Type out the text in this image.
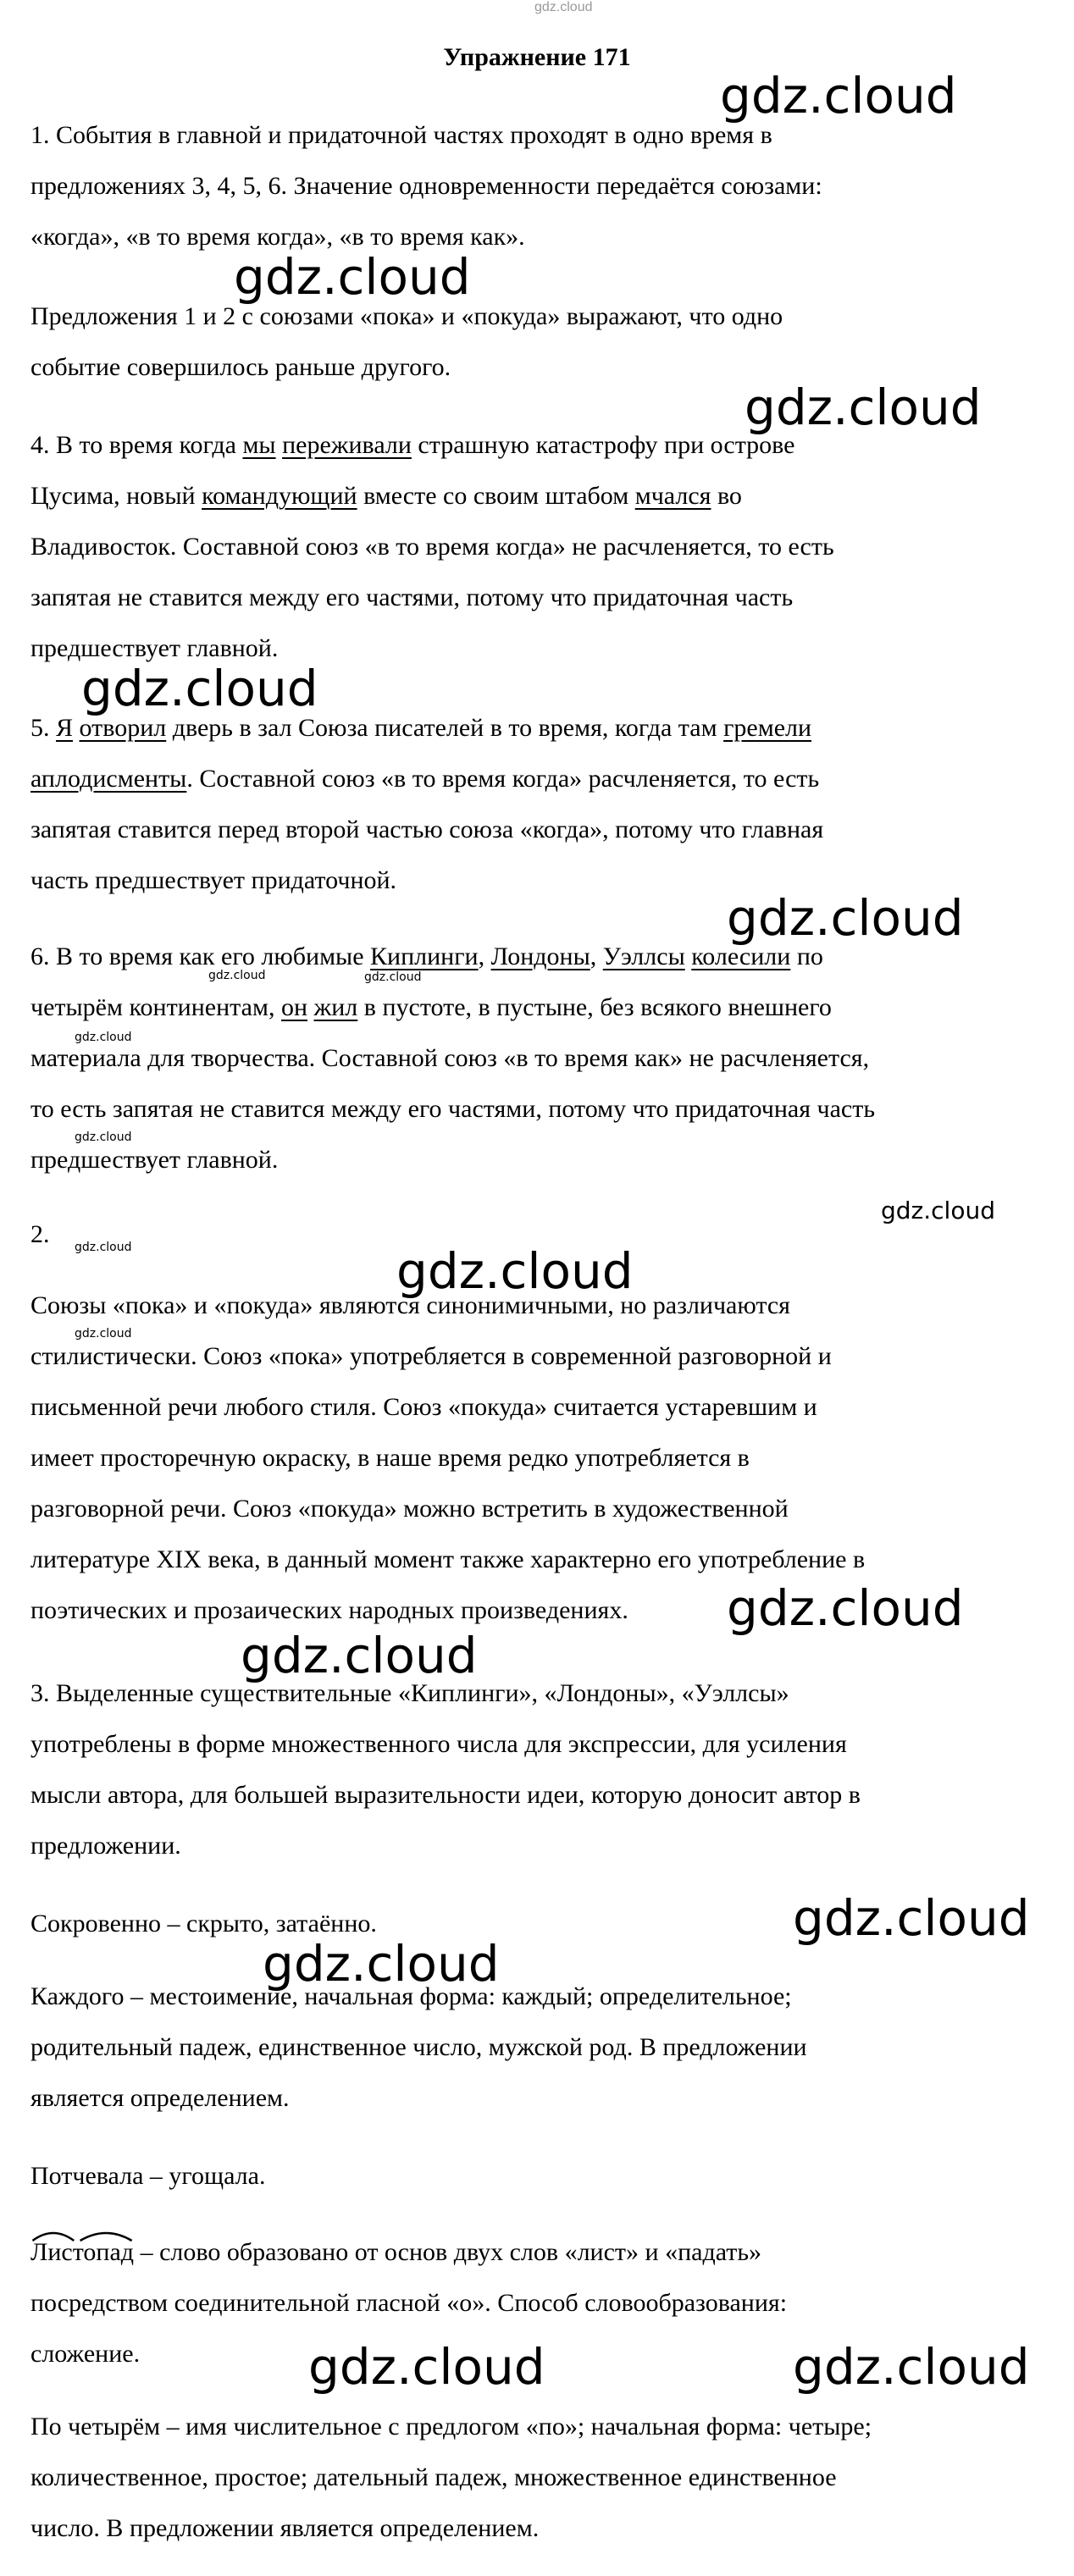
gdz.cloud
Упражнение 171

1. События в главной и придаточной частях проходят в одно время в
предложениях 3, 4, 5, 6. Значение одновременности передаётся союзами:
«когда», «в то время когда», «в то время как».

Предложения 1 и 2 с союзами «пока» и «покуда» выражают, что одно
событие совершилось раньше другого.

4. В то время когда мы переживали страшную катастрофу при острове
Цусима, новый командующий вместе со своим штабом мчался во
Владивосток. Составной союз «в то время когда» не расчленяется, то есть
запятая не ставится между его частями, потому что придаточная часть
предшествует главной.

5. Я отворил дверь в зал Союза писателей в то время, когда там гремели
аплодисменты. Составной союз «в то время когда» расчленяется, то есть
запятая ставится перед второй частью союза «когда», потому что главная
часть предшествует придаточной.

6. В то время как его любимые Киплинги, Лондоны, Уэллсы колесили по
четырём континентам, он жил в пустоте, в пустыне, без всякого внешнего
материала для творчества. Составной союз «в то время как» не расчленяется,
то есть запятая не ставится между его частями, потому что придаточная часть
предшествует главной.

2.

Союзы «пока» и «покуда» являются синонимичными, но различаются
стилистически. Союз «пока» употребляется в современной разговорной и
письменной речи любого стиля. Союз «покуда» считается устаревшим и
имеет просторечную окраску, в наше время редко употребляется в
разговорной речи. Союз «покуда» можно встретить в художественной
литературе XIX века, в данный момент также характерно его употребление в
поэтических и прозаических народных произведениях.

3. Выделенные существительные «Киплинги», «Лондоны», «Уэллсы»
употреблены в форме множественного числа для экспрессии, для усиления
мысли автора, для большей выразительности идеи, которую доносит автор в
предложении.

Сокровенно – скрыто, затаённо.

Каждого – местоимение, начальная форма: каждый; определительное;
родительный падеж, единственное число, мужской род. В предложении
является определением.

Потчевала – угощала.

Листопад – слово образовано от основ двух слов «лист» и «падать»
посредством соединительной гласной «о». Способ словообразования:
сложение.

По четырём – имя числительное с предлогом «по»; начальная форма: четыре;
количественное, простое; дательный падеж, множественное единственное
число. В предложении является определением.

gdz.cloud
gdz.cloud
gdz.cloud
gdz.cloud
gdz.cloud
gdz.cloud
gdz.cloud
gdz.cloud
gdz.cloud
gdz.cloud
gdz.cloud	gdz.cloud
gdz.cloud
gdz.cloud	gdz.cloud
gdz.cloud
gdz.cloud
gdz.cloud
gdz.cloud
